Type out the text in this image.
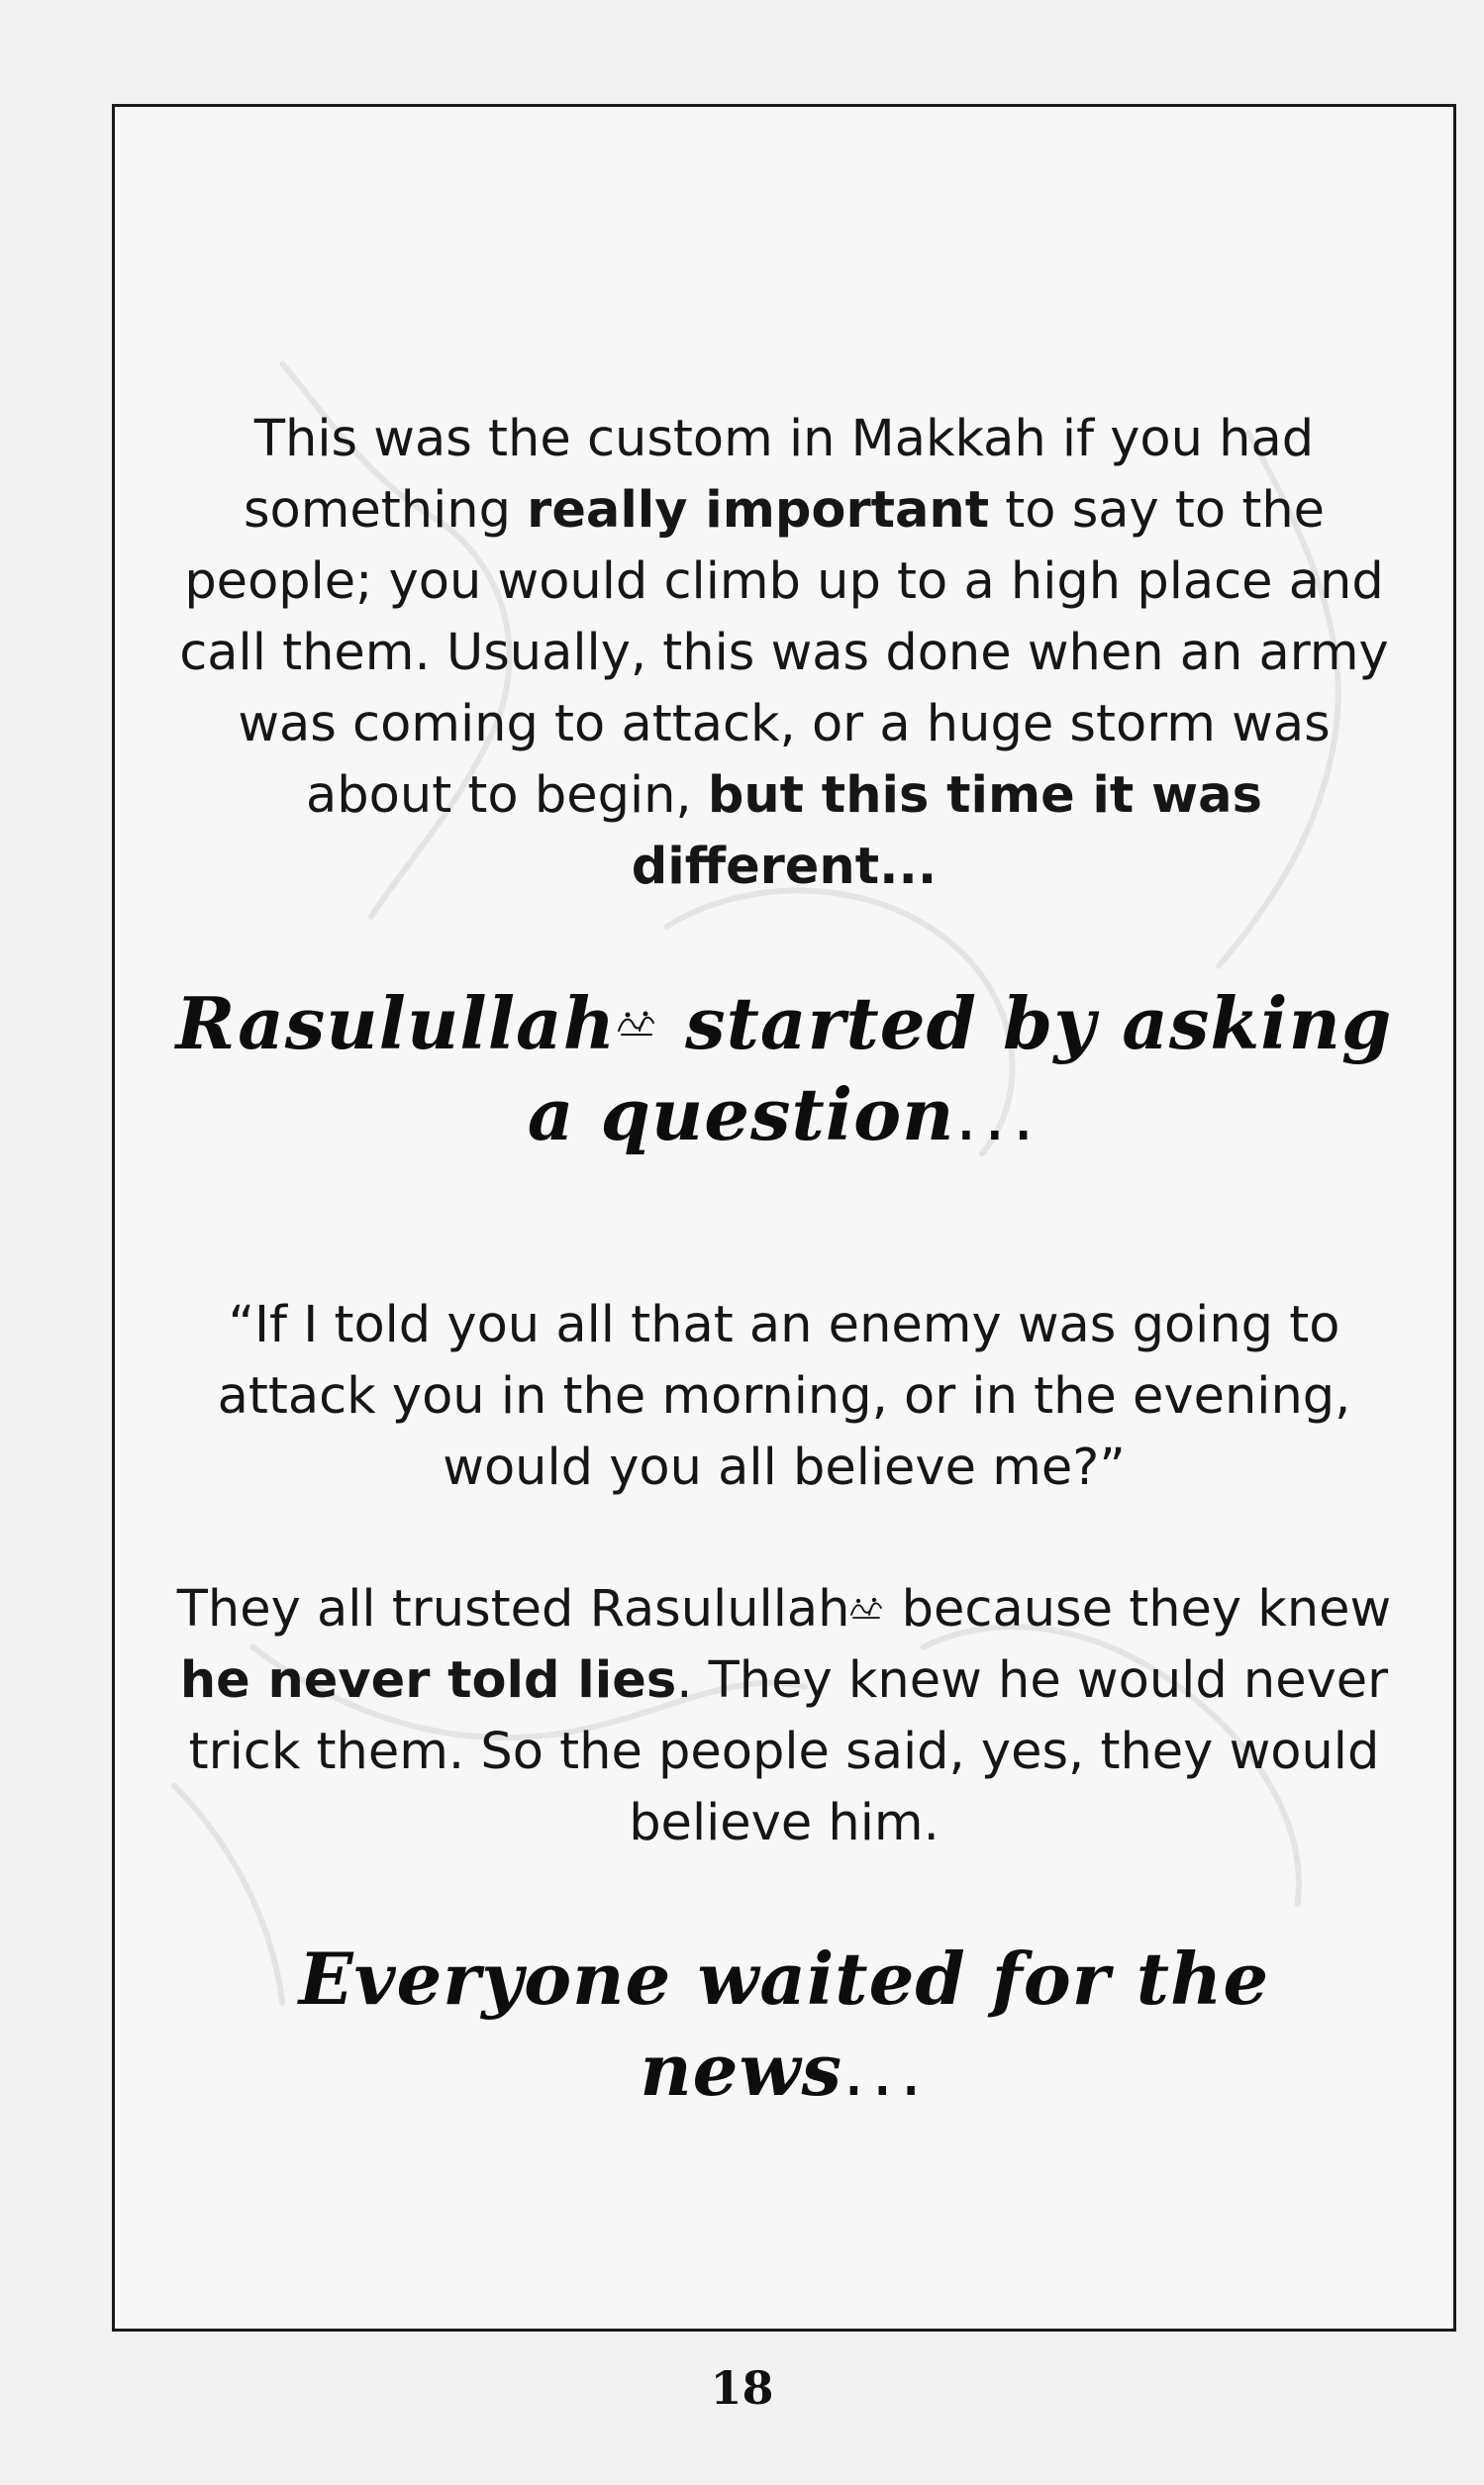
This was the custom in Makkah if you had something really important to say to the people; you would climb up to a high place and call them. Usually, this was done when an army was coming to attack, or a huge storm was about to begin, but this time it was different...

Rasulullah started by asking a question...

“If I told you all that an enemy was going to attack you in the morning, or in the evening, would you all believe me?”

They all trusted Rasulullah because they knew he never told lies. They knew he would never trick them. So the people said, yes, they would believe him.

Everyone waited for the news...
18
